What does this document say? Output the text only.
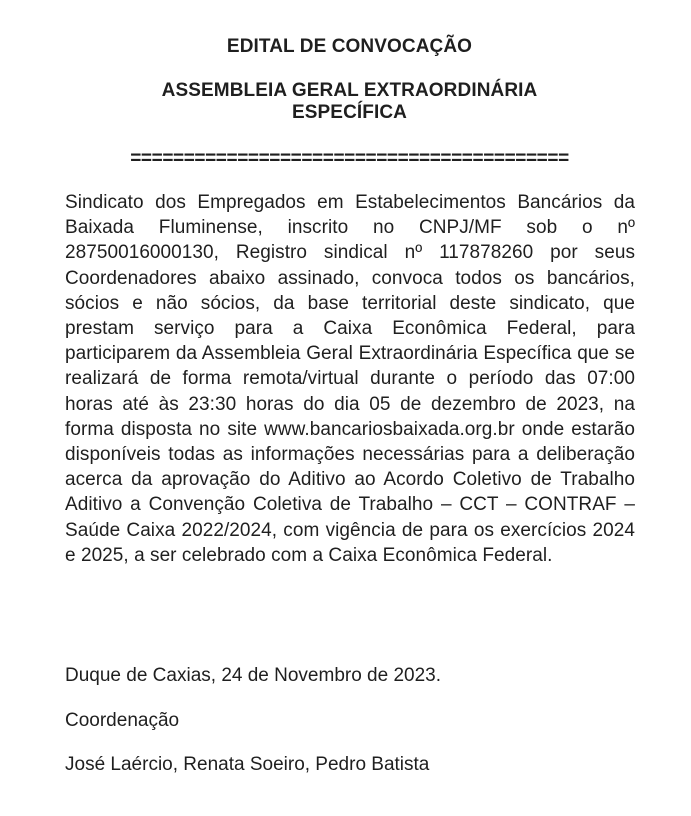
EDITAL DE CONVOCAÇÃO
ASSEMBLEIA GERAL EXTRAORDINÁRIA
ESPECÍFICA
=========================================
Sindicato dos Empregados em Estabelecimentos Bancários da Baixada Fluminense, inscrito no CNPJ/MF sob o nº 28750016000130, Registro sindical nº 117878260 por seus Coordenadores abaixo assinado, convoca todos os bancários, sócios e não sócios, da base territorial deste sindicato, que prestam serviço para a Caixa Econômica Federal, para participarem da Assembleia Geral Extraordinária Específica que se realizará de forma remota/virtual durante o período das 07:00 horas até às 23:30 horas do dia 05 de dezembro de 2023, na forma disposta no site www.bancariosbaixada.org.br onde estarão disponíveis todas as informações necessárias para a deliberação acerca da aprovação do Aditivo ao Acordo Coletivo de Trabalho Aditivo a Convenção Coletiva de Trabalho – CCT – CONTRAF – Saúde Caixa 2022/2024, com vigência de para os exercícios 2024 e 2025, a ser celebrado com a Caixa Econômica Federal.
Duque de Caxias, 24 de Novembro de 2023.
Coordenação
José Laércio, Renata Soeiro, Pedro Batista
